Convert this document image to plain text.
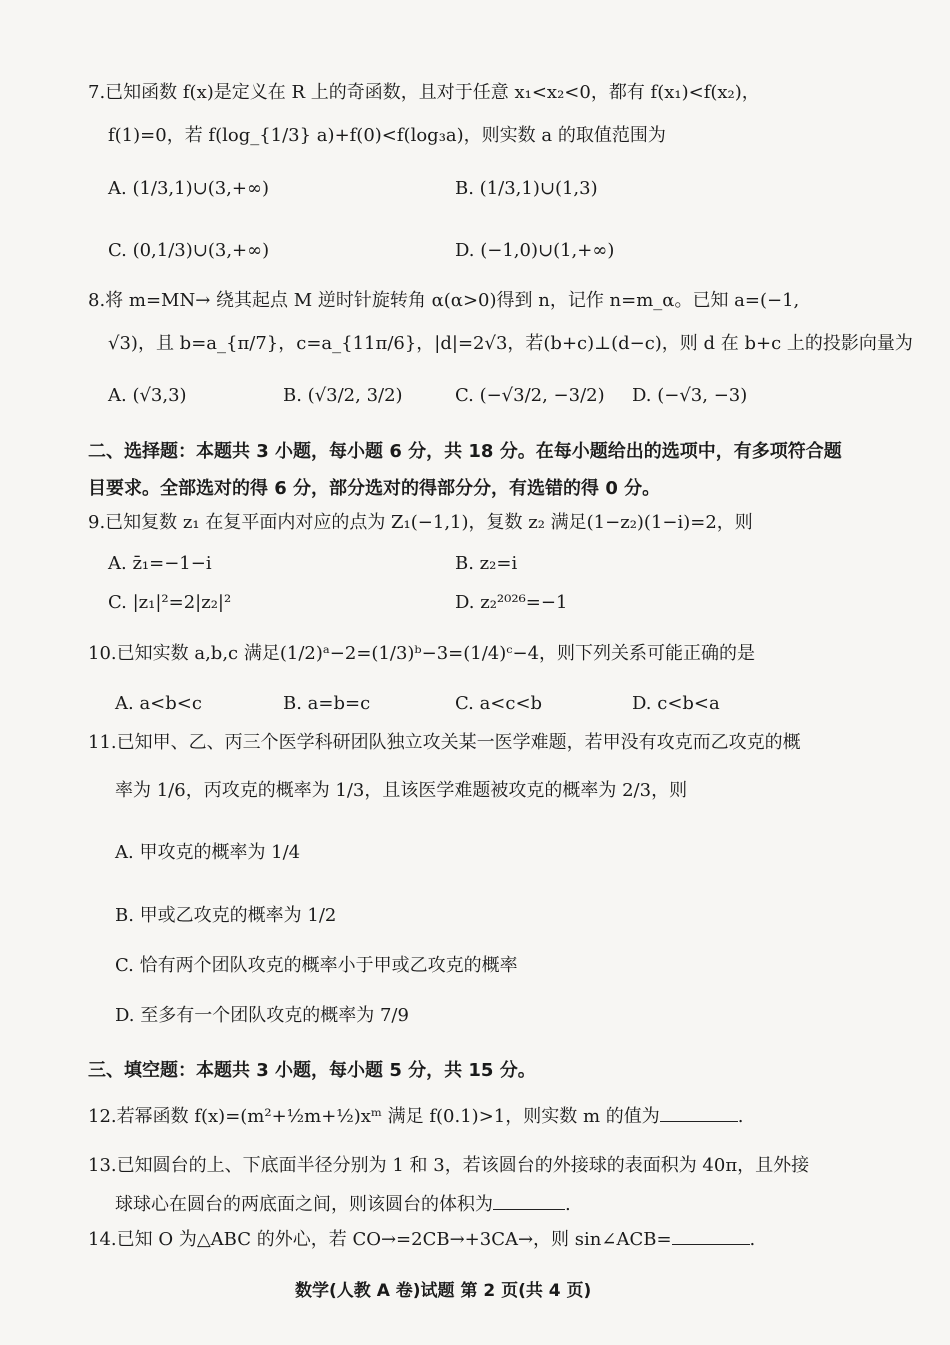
7.已知函数 f(x)是定义在 R 上的奇函数，且对于任意 x₁<x₂<0，都有 f(x₁)<f(x₂)，
f(1)=0，若 f(log_{1/3} a)+f(0)<f(log₃a)，则实数 a 的取值范围为
A. (1/3,1)∪(3,+∞)	B. (1/3,1)∪(1,3)
C. (0,1/3)∪(3,+∞)	D. (−1,0)∪(1,+∞)
8.将 m=MN→ 绕其起点 M 逆时针旋转角 α(α>0)得到 n，记作 n=m_α。已知 a=(−1,
√3)，且 b=a_{π/7}，c=a_{11π/6}，|d|=2√3，若(b+c)⊥(d−c)，则 d 在 b+c 上的投影向量为
A. (√3,3)	B. (√3/2, 3/2)	C. (−√3/2, −3/2) D. (−√3, −3)
二、选择题：本题共 3 小题，每小题 6 分，共 18 分。在每小题给出的选项中，有多项符合题
目要求。全部选对的得 6 分，部分选对的得部分分，有选错的得 0 分。
9.已知复数 z₁ 在复平面内对应的点为 Z₁(−1,1)，复数 z₂ 满足(1−z₂)(1−i)=2，则
A. z̄₁=−1−i	B. z₂=i
C. |z₁|²=2|z₂|²	D. z₂²⁰²⁶=−1
10.已知实数 a,b,c 满足(1/2)ᵃ−2=(1/3)ᵇ−3=(1/4)ᶜ−4，则下列关系可能正确的是
A. a<b<c	B. a=b=c	C. a<c<b	D. c<b<a
11.已知甲、乙、丙三个医学科研团队独立攻关某一医学难题，若甲没有攻克而乙攻克的概
率为 1/6，丙攻克的概率为 1/3，且该医学难题被攻克的概率为 2/3，则
A. 甲攻克的概率为 1/4
B. 甲或乙攻克的概率为 1/2
C. 恰有两个团队攻克的概率小于甲或乙攻克的概率
D. 至多有一个团队攻克的概率为 7/9
三、填空题：本题共 3 小题，每小题 5 分，共 15 分。
12.若幂函数 f(x)=(m²+½m+½)xᵐ 满足 f(0.1)>1，则实数 m 的值为	.
13.已知圆台的上、下底面半径分别为 1 和 3，若该圆台的外接球的表面积为 40π，且外接
球球心在圆台的两底面之间，则该圆台的体积为	.
14.已知 O 为△ABC 的外心，若 CO→=2CB→+3CA→，则 sin∠ACB=	.
数学(人教 A 卷)试题 第 2 页(共 4 页)
